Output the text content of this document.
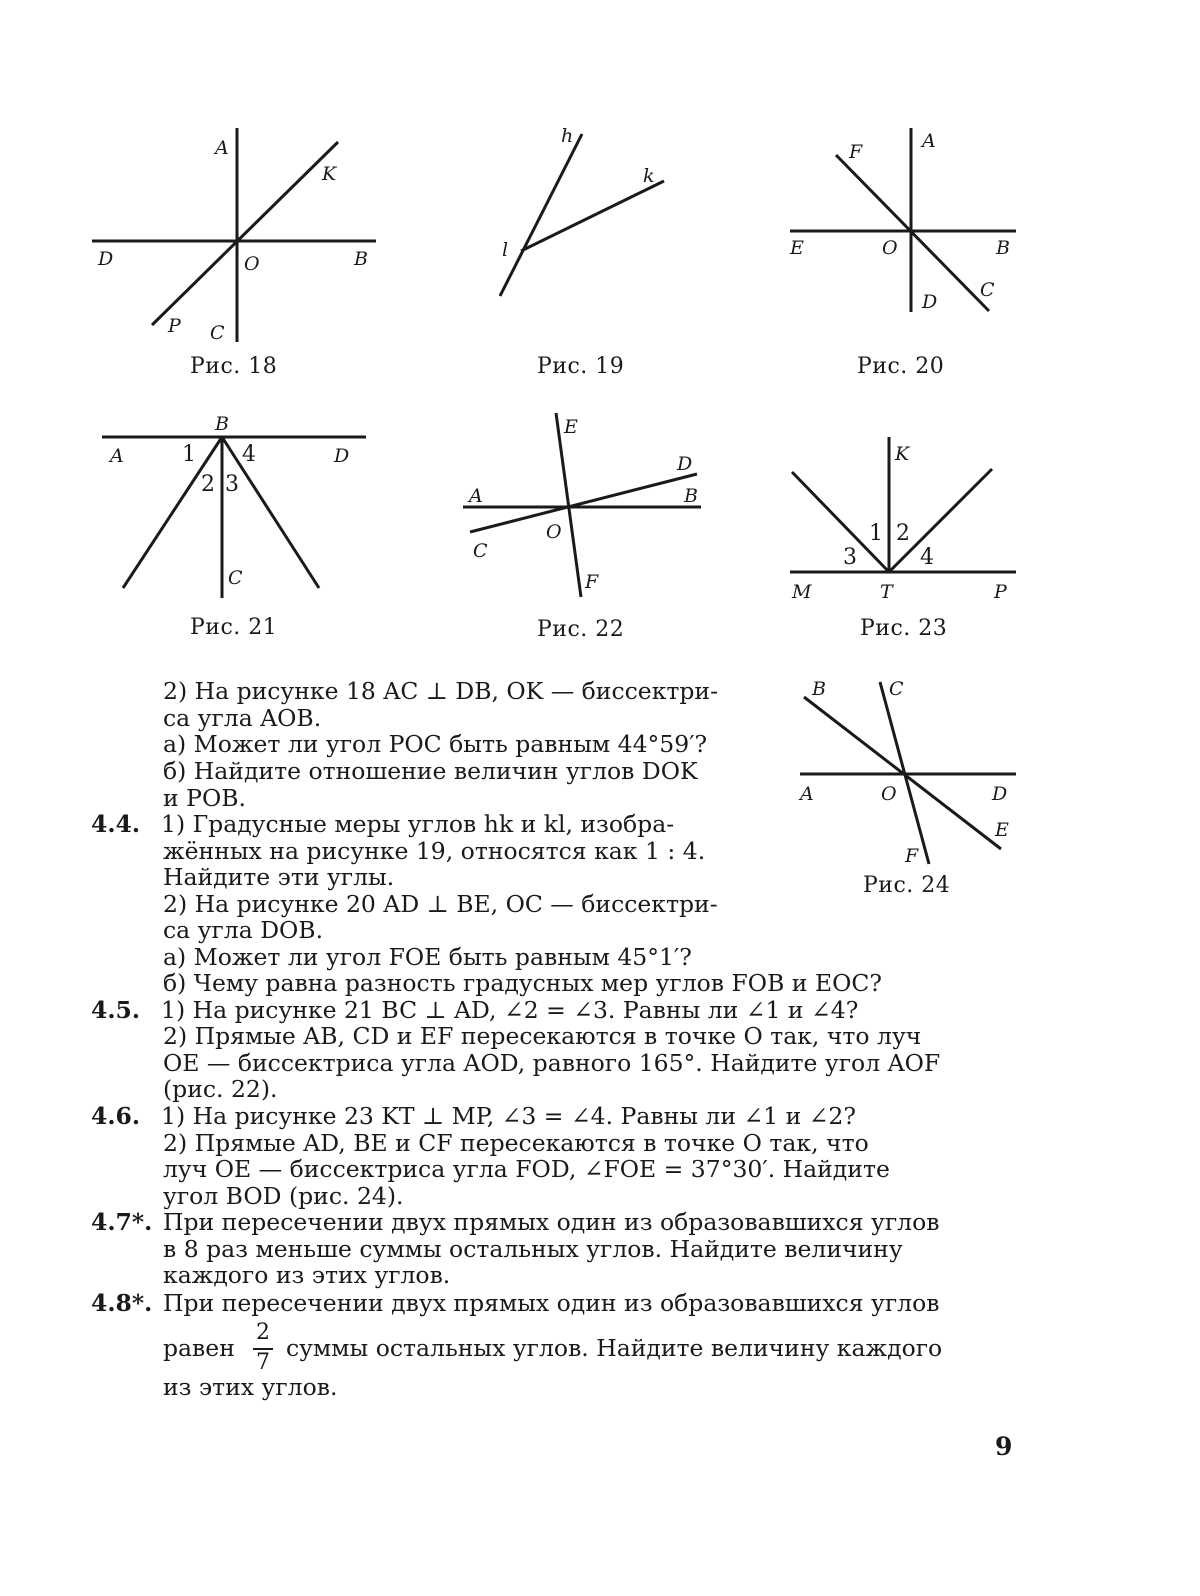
A
K
D	O	B
P C
Рис. 18
h
k
l
Рис. 19
F	A
E	O	B
D
C
Рис. 20
B
A	D
C
1
2 3
4
Рис. 21
E
D
A	B
O
C
F
Рис. 22
K
M	T	P
1 2
3	4
Рис. 23
B	C
A	O	D
E
F
Рис. 24
2) На рисунке 18 AC ⊥ DB, OK — биссектри-
са угла AOB.
а) Может ли угол POC быть равным 44°59′?
б) Найдите отношение величин углов DOK
и POB.
4.4. 1) Градусные меры углов hk и kl, изобра-
жённых на рисунке 19, относятся как 1 : 4.
Найдите эти углы.
2) На рисунке 20 AD ⊥ BE, OC — биссектри-
са угла DOB.
а) Может ли угол FOE быть равным 45°1′?
б) Чему равна разность градусных мер углов FOB и EOC?
4.5. 1) На рисунке 21 BC ⊥ AD, ∠2 = ∠3. Равны ли ∠1 и ∠4?
2) Прямые AB, CD и EF пересекаются в точке O так, что луч
OE — биссектриса угла AOD, равного 165°. Найдите угол AOF
(рис. 22).
4.6. 1) На рисунке 23 KT ⊥ MP, ∠3 = ∠4. Равны ли ∠1 и ∠2?
2) Прямые AD, BE и CF пересекаются в точке O так, что
луч OE — биссектриса угла FOD, ∠FOE = 37°30′. Найдите
угол BOD (рис. 24).
4.7*. При пересечении двух прямых один из образовавшихся углов
в 8 раз меньше суммы остальных углов. Найдите величину
каждого из этих углов.
4.8*. При пересечении двух прямых один из образовавшихся углов
равен
2
7
суммы остальных углов. Найдите величину каждого
из этих углов.
9
